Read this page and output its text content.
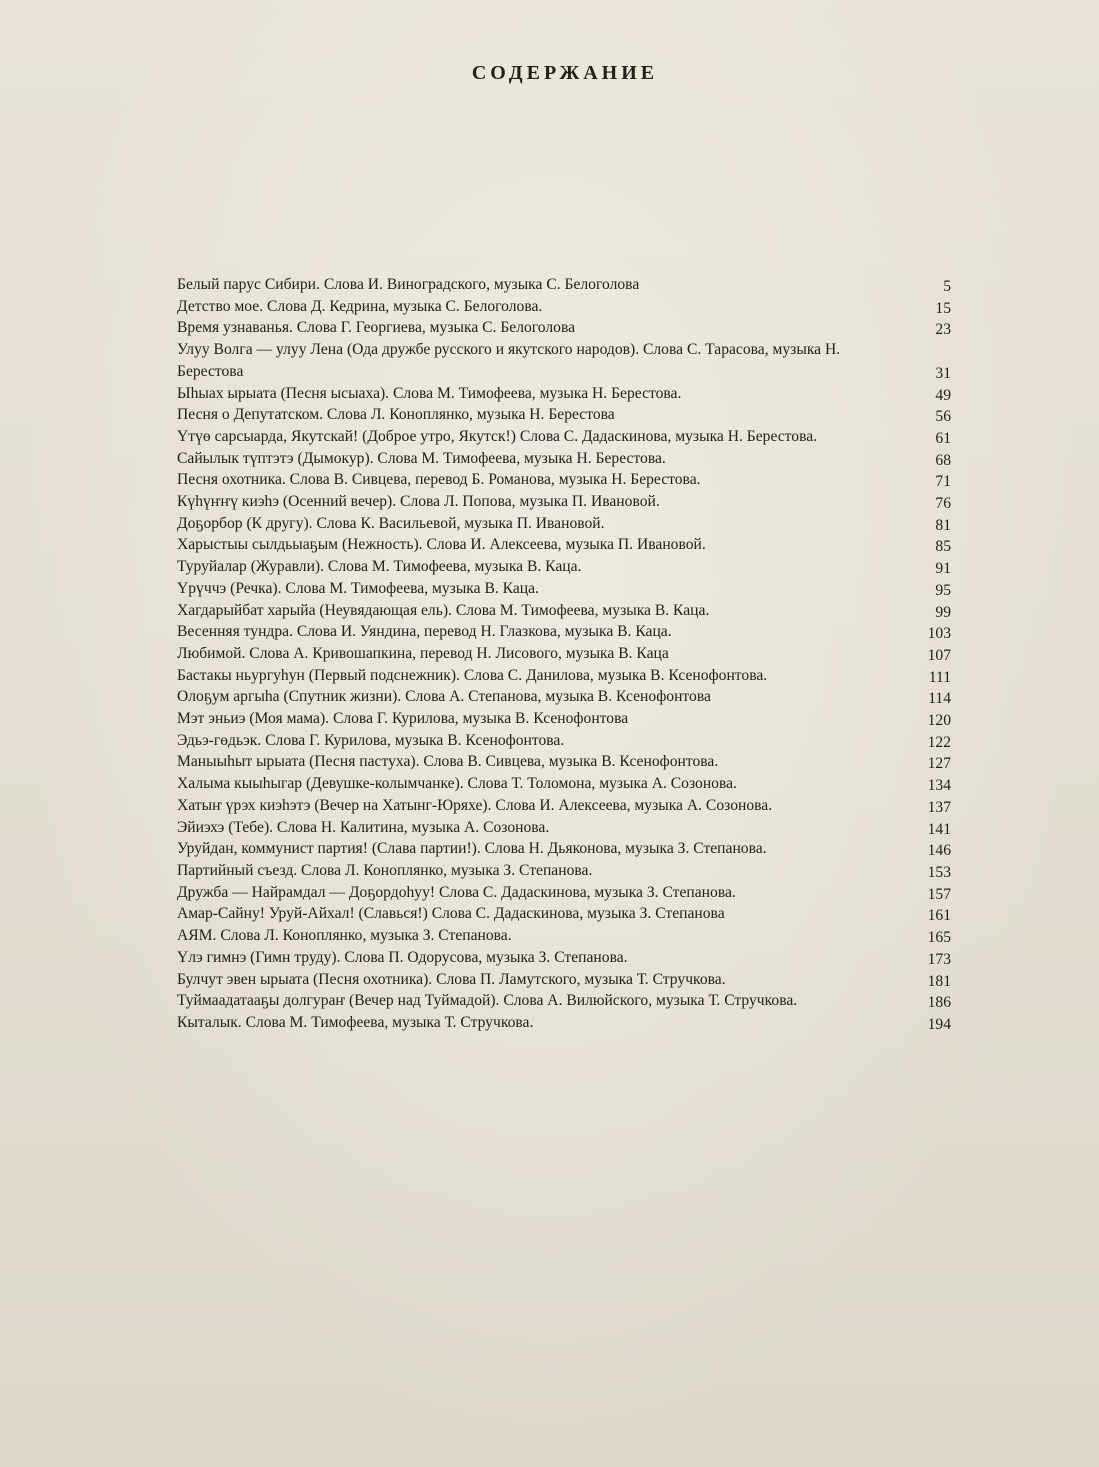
СОДЕРЖАНИЕ
Белый парус Сибири. Слова И. Виноградского, музыка С. Белоголова	5
Детство мое. Слова Д. Кедрина, музыка С. Белоголова.	15
Время узнаванья. Слова Г. Георгиева, музыка С. Белоголова	23
Улуу Волга — улуу Лена (Ода дружбе русского и якутского народов). Слова С. Тарасова, музыка Н. Берестова	31
Ыһыах ырыата (Песня ысыаха). Слова М. Тимофеева, музыка Н. Берестова.	49
Песня о Депутатском. Слова Л. Коноплянко, музыка Н. Берестова	56
Үтүө сарсыарда, Якутскай! (Доброе утро, Якутск!) Слова С. Дадаскинова, музыка Н. Берестова.	61
Сайылык түптэтэ (Дымокур). Слова М. Тимофеева, музыка Н. Берестова.	68
Песня охотника. Слова В. Сивцева, перевод Б. Романова, музыка Н. Берестова.	71
Күһүҥҥү киэһэ (Осенний вечер). Слова Л. Попова, музыка П. Ивановой.	76
Доҕорбор (К другу). Слова К. Васильевой, музыка П. Ивановой.	81
Харыстыы сылдьыаҕым (Нежность). Слова И. Алексеева, музыка П. Ивановой.	85
Туруйалар (Журавли). Слова М. Тимофеева, музыка В. Каца.	91
Үрүччэ (Речка). Слова М. Тимофеева, музыка В. Каца.	95
Хагдарыйбат харыйа (Неувядающая ель). Слова М. Тимофеева, музыка В. Каца.	99
Весенняя тундра. Слова И. Уяндина, перевод Н. Глазкова, музыка В. Каца.	103
Любимой. Слова А. Кривошапкина, перевод Н. Лисового, музыка В. Каца	107
Бастакы ньургуһун (Первый подснежник). Слова С. Данилова, музыка В. Ксенофонтова.	111
Олоҕум аргыһа (Спутник жизни). Слова А. Степанова, музыка В. Ксенофонтова	114
Мэт эньиэ (Моя мама). Слова Г. Курилова, музыка В. Ксенофонтова	120
Эдьэ-гөдьэк. Слова Г. Курилова, музыка В. Ксенофонтова.	122
Маныыһыт ырыата (Песня пастуха). Слова В. Сивцева, музыка В. Ксенофонтова.	127
Халыма кыыһыгар (Девушке-колымчанке). Слова Т. Толомона, музыка А. Созонова.	134
Хатыҥ үрэх киэһэтэ (Вечер на Хатынг-Юряхе). Слова И. Алексеева, музыка А. Созонова.	137
Эйиэхэ (Тебе). Слова Н. Калитина, музыка А. Созонова.	141
Уруйдан, коммунист партия! (Слава партии!). Слова Н. Дьяконова, музыка З. Степанова.	146
Партийный съезд. Слова Л. Коноплянко, музыка З. Степанова.	153
Дружба — Найрамдал — Доҕордоһуу! Слова С. Дадаскинова, музыка З. Степанова.	157
Амар-Сайну! Уруй-Айхал! (Славься!) Слова С. Дадаскинова, музыка З. Степанова	161
АЯМ. Слова Л. Коноплянко, музыка З. Степанова.	165
Үлэ гимнэ (Гимн труду). Слова П. Одорусова, музыка З. Степанова.	173
Булчут эвен ырыата (Песня охотника). Слова П. Ламутского, музыка Т. Стручкова.	181
Туймаадатааҕы долгураҥ (Вечер над Туймадой). Слова А. Вилюйского, музыка Т. Стручкова.	186
Кыталык. Слова М. Тимофеева, музыка Т. Стручкова.	194
